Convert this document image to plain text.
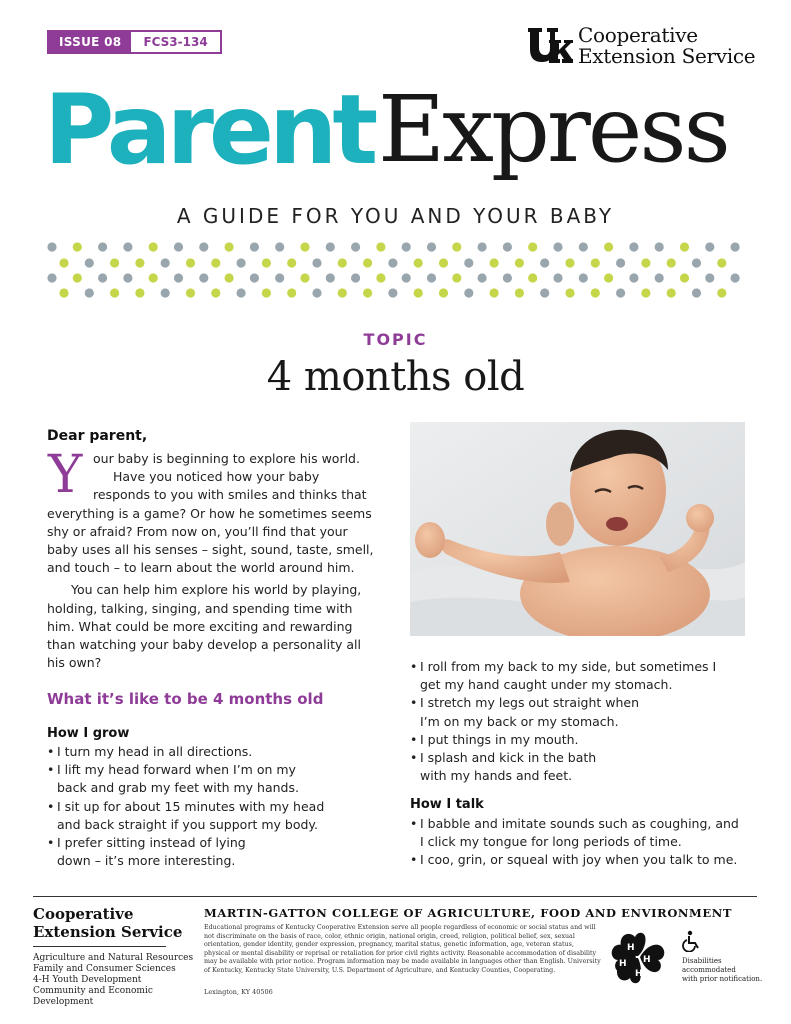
ISSUE 08	FCS3-134	Cooperative
Extension Service
Parent Express
A GUIDE FOR YOU AND YOUR BABY
TOPIC
4 months old
Dear parent,
Y our baby is beginning to explore his world.
Have you noticed how your baby
responds to you with smiles and thinks that
everything is a game? Or how he sometimes seems shy or afraid? From now on, you’ll find that your baby uses all his senses – sight, sound, taste, smell, and touch – to learn about the world around him.
You can help him explore his world by playing, holding, talking, singing, and spending time with him. What could be more exciting and rewarding than watching your baby develop a personality all his own?
What it’s like to be 4 months old
How I grow
• I turn my head in all directions.
• I lift my head forward when I’m on my back and grab my feet with my hands.
• I sit up for about 15 minutes with my head and back straight if you support my body.
• I prefer sitting instead of lying down – it’s more interesting.
• I roll from my back to my side, but sometimes I get my hand caught under my stomach.
• I stretch my legs out straight when I’m on my back or my stomach.
• I put things in my mouth.
• I splash and kick in the bath with my hands and feet.
How I talk
• I babble and imitate sounds such as coughing, and I click my tongue for long periods of time.
• I coo, grin, or squeal with joy when you talk to me.
Cooperative
Extension Service
Agriculture and Natural Resources
Family and Consumer Sciences
4-H Youth Development
Community and Economic Development
MARTIN-GATTON COLLEGE OF AGRICULTURE, FOOD AND ENVIRONMENT
Educational programs of Kentucky Cooperative Extension serve all people regardless of economic or social status and will not discriminate on the basis of race, color, ethnic origin, national origin, creed, religion, political belief, sex, sexual orientation, gender identity, gender expression, pregnancy, marital status, genetic information, age, veteran status, physical or mental disability or reprisal or retaliation for prior civil rights activity. Reasonable accommodation of disability may be available with prior notice. Program information may be made available in languages other than English. University of Kentucky, Kentucky State University, U.S. Department of Agriculture, and Kentucky Counties, Cooperating.
Lexington, KY 40506
H
H
H
H
Disabilities
accommodated
with prior notification.
